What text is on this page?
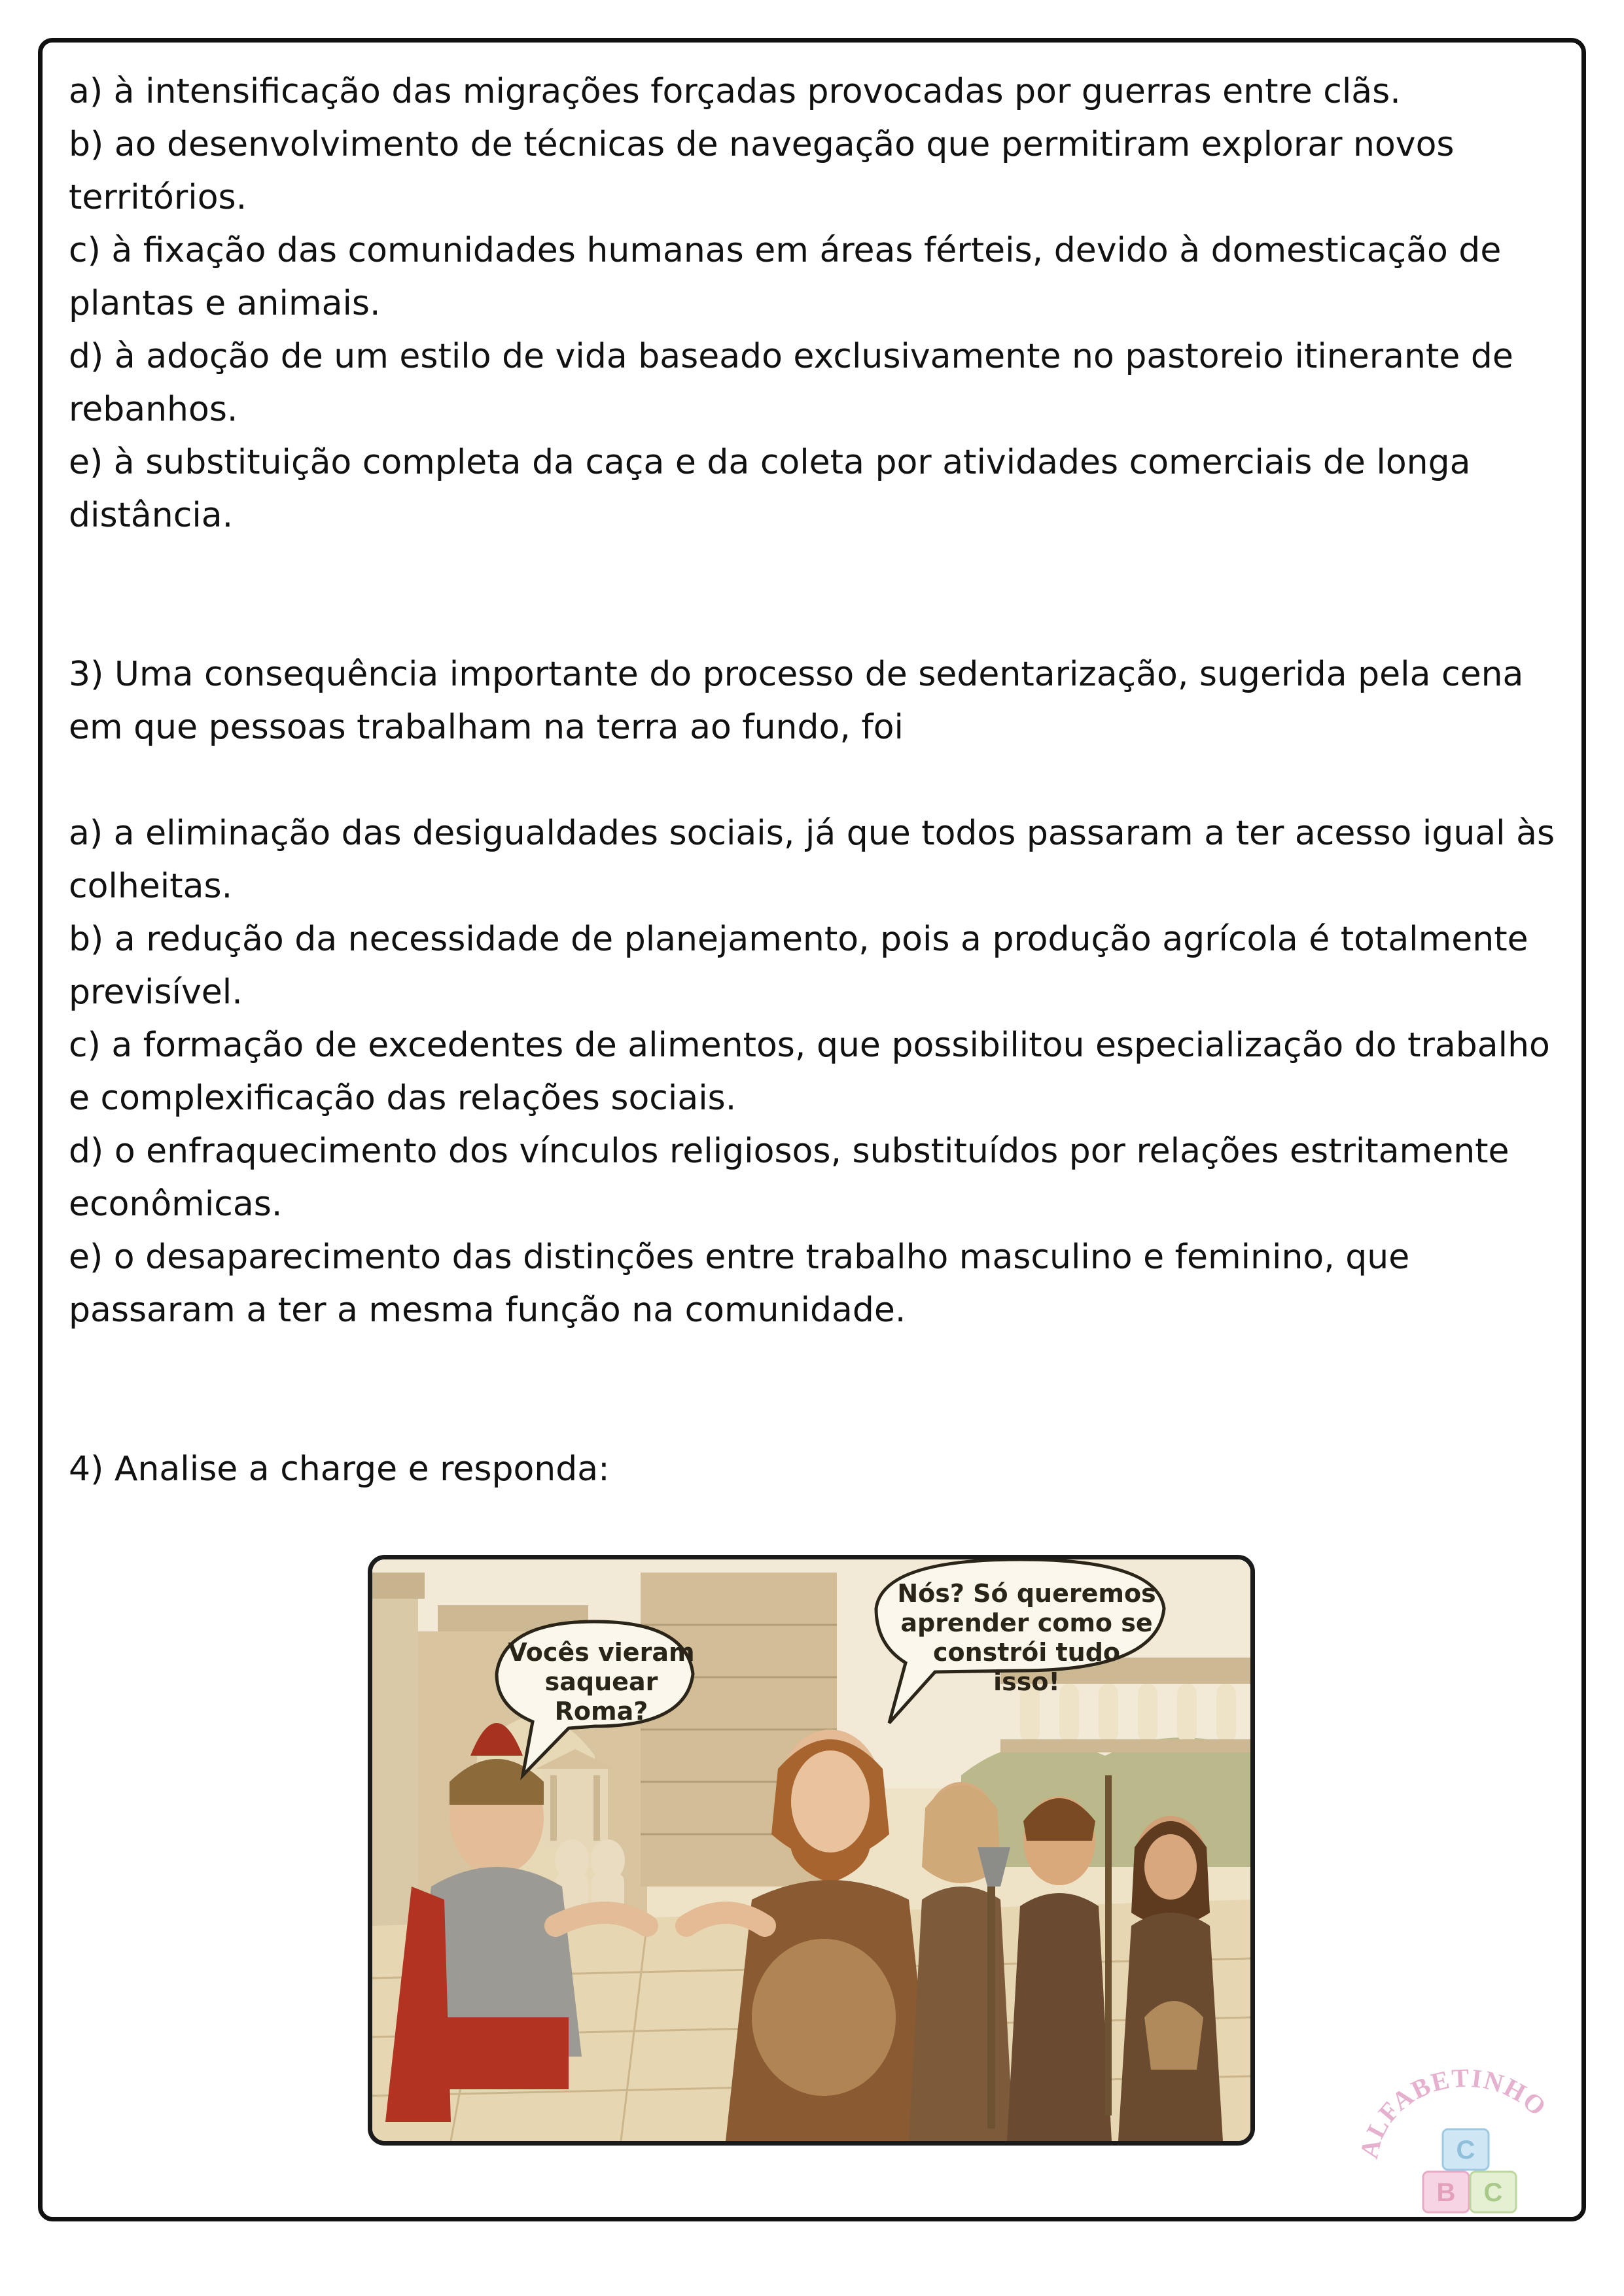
a) à intensificação das migrações forçadas provocadas por guerras entre clãs.

b) ao desenvolvimento de técnicas de navegação que permitiram explorar novos territórios.

c) à fixação das comunidades humanas em áreas férteis, devido à domesticação de plantas e animais.

d) à adoção de um estilo de vida baseado exclusivamente no pastoreio itinerante de rebanhos.

e) à substituição completa da caça e da coleta por atividades comerciais de longa distância.

3) Uma consequência importante do processo de sedentarização, sugerida pela cena em que pessoas trabalham na terra ao fundo, foi

a) a eliminação das desigualdades sociais, já que todos passaram a ter acesso igual às colheitas.

b) a redução da necessidade de planejamento, pois a produção agrícola é totalmente previsível.

c) a formação de excedentes de alimentos, que possibilitou especialização do trabalho e complexificação das relações sociais.

d) o enfraquecimento dos vínculos religiosos, substituídos por relações estritamente econômicas.

e) o desaparecimento das distinções entre trabalho masculino e feminino, que passaram a ter a mesma função na comunidade.

4) Analise a charge e responda:

Vocês vieram
saquear Roma?
Nós? Só queremos
aprender como se
constrói tudo isso!
LFABETINHO
C
B C
